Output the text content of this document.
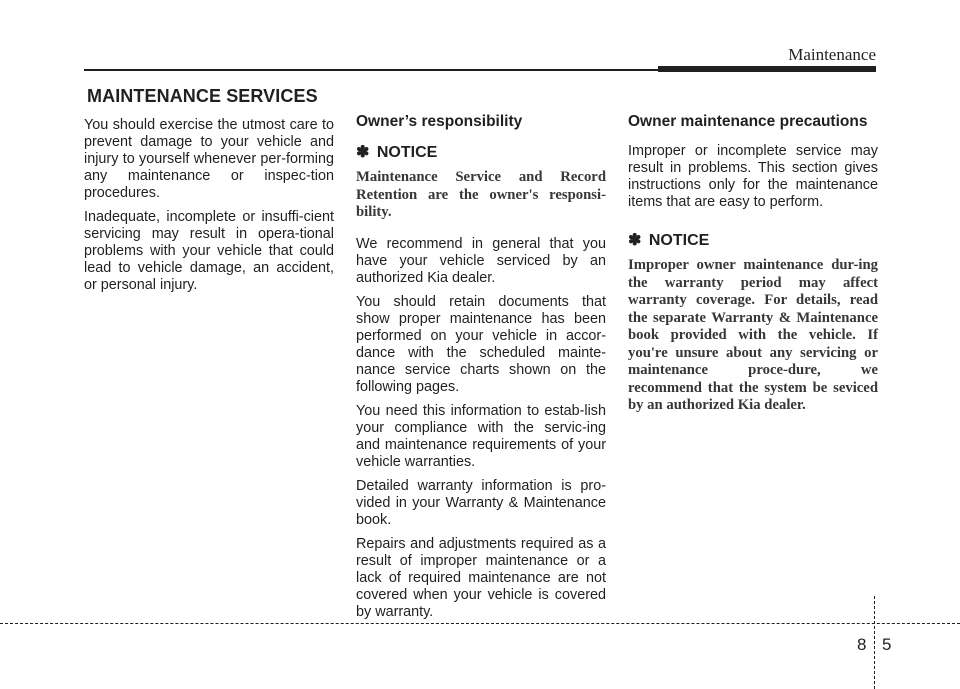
Maintenance
MAINTENANCE SERVICES

You should exercise the utmost care to prevent damage to your vehicle and injury to yourself whenever per-forming any maintenance or inspec-tion procedures.

Inadequate, incomplete or insuffi-cient servicing may result in opera-tional problems with your vehicle that could lead to vehicle damage, an accident, or personal injury.

Owner’s responsibility
✽ NOTICE

Maintenance Service and Record Retention are the owner's responsi-bility.

We recommend in general that you have your vehicle serviced by an authorized Kia dealer.

You should retain documents that show proper maintenance has been performed on your vehicle in accor-dance with the scheduled mainte-nance service charts shown on the following pages.

You need this information to estab-lish your compliance with the servic-ing and maintenance requirements of your vehicle warranties.

Detailed warranty information is pro-vided in your Warranty & Maintenance book.

Repairs and adjustments required as a result of improper maintenance or a lack of required maintenance are not covered when your vehicle is covered by warranty.

Owner maintenance precautions

Improper or incomplete service may result in problems. This section gives instructions only for the maintenance items that are easy to perform.

✽ NOTICE

Improper owner maintenance dur-ing the warranty period may affect warranty coverage. For details, read the separate Warranty & Maintenance book provided with the vehicle. If you're unsure about any servicing or maintenance proce-dure, we recommend that the system be seviced by an authorized Kia dealer.

8 5
